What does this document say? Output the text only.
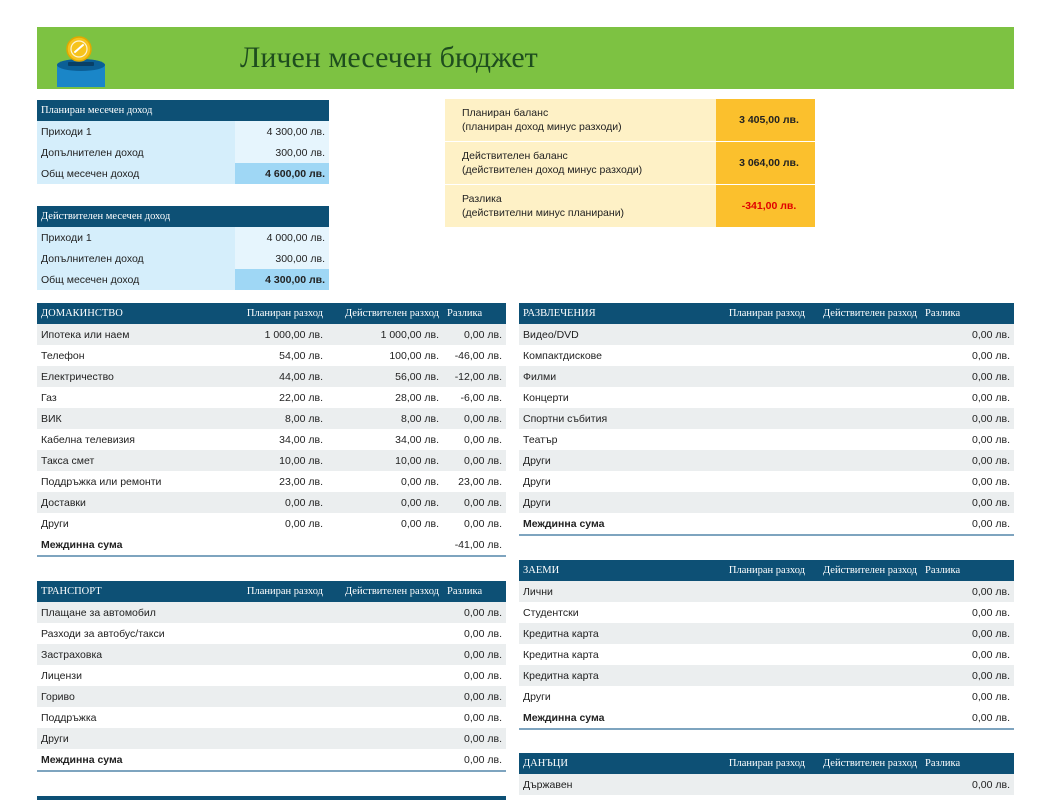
Личен месечен бюджет
Планиран месечен доход	
Приходи 1	4 300,00 лв.
Допълнителен доход	300,00 лв.
Общ месечен доход	4 600,00 лв.
Действителен месечен доход	
Приходи 1	4 000,00 лв.
Допълнителен доход	300,00 лв.
Общ месечен доход	4 300,00 лв.
Планиран баланс
(планиран доход минус разходи)	3 405,00 лв.
Действителен баланс
(действителен доход минус разходи)	3 064,00 лв.
Разлика
(действителни минус планирани)	-341,00 лв.
ДОМАКИНСТВО	Планиран разход	Действителен разход	Разлика
Ипотека или наем	1 000,00 лв.	1 000,00 лв.	0,00 лв.
Телефон	54,00 лв.	100,00 лв.	-46,00 лв.
Електричество	44,00 лв.	56,00 лв.	-12,00 лв.
Газ	22,00 лв.	28,00 лв.	-6,00 лв.
ВИК	8,00 лв.	8,00 лв.	0,00 лв.
Кабелна телевизия	34,00 лв.	34,00 лв.	0,00 лв.
Такса смет	10,00 лв.	10,00 лв.	0,00 лв.
Поддръжка или ремонти	23,00 лв.	0,00 лв.	23,00 лв.
Доставки	0,00 лв.	0,00 лв.	0,00 лв.
Други	0,00 лв.	0,00 лв.	0,00 лв.
Междинна сума			-41,00 лв.
РАЗВЛЕЧЕНИЯ	Планиран разход	Действителен разход	Разлика
Видео/DVD			0,00 лв.
Компактдискове			0,00 лв.
Филми			0,00 лв.
Концерти			0,00 лв.
Спортни събития			0,00 лв.
Театър			0,00 лв.
Други			0,00 лв.
Други			0,00 лв.
Други			0,00 лв.
Междинна сума			0,00 лв.
ТРАНСПОРТ	Планиран разход	Действителен разход	Разлика
Плащане за автомобил			0,00 лв.
Разходи за автобус/такси			0,00 лв.
Застраховка			0,00 лв.
Лицензи			0,00 лв.
Гориво			0,00 лв.
Поддръжка			0,00 лв.
Други			0,00 лв.
Междинна сума			0,00 лв.
ЗАЕМИ	Планиран разход	Действителен разход	Разлика
Лични			0,00 лв.
Студентски			0,00 лв.
Кредитна карта			0,00 лв.
Кредитна карта			0,00 лв.
Кредитна карта			0,00 лв.
Други			0,00 лв.
Междинна сума			0,00 лв.
ДАНЪЦИ	Планиран разход	Действителен разход	Разлика
Държавен			0,00 лв.
